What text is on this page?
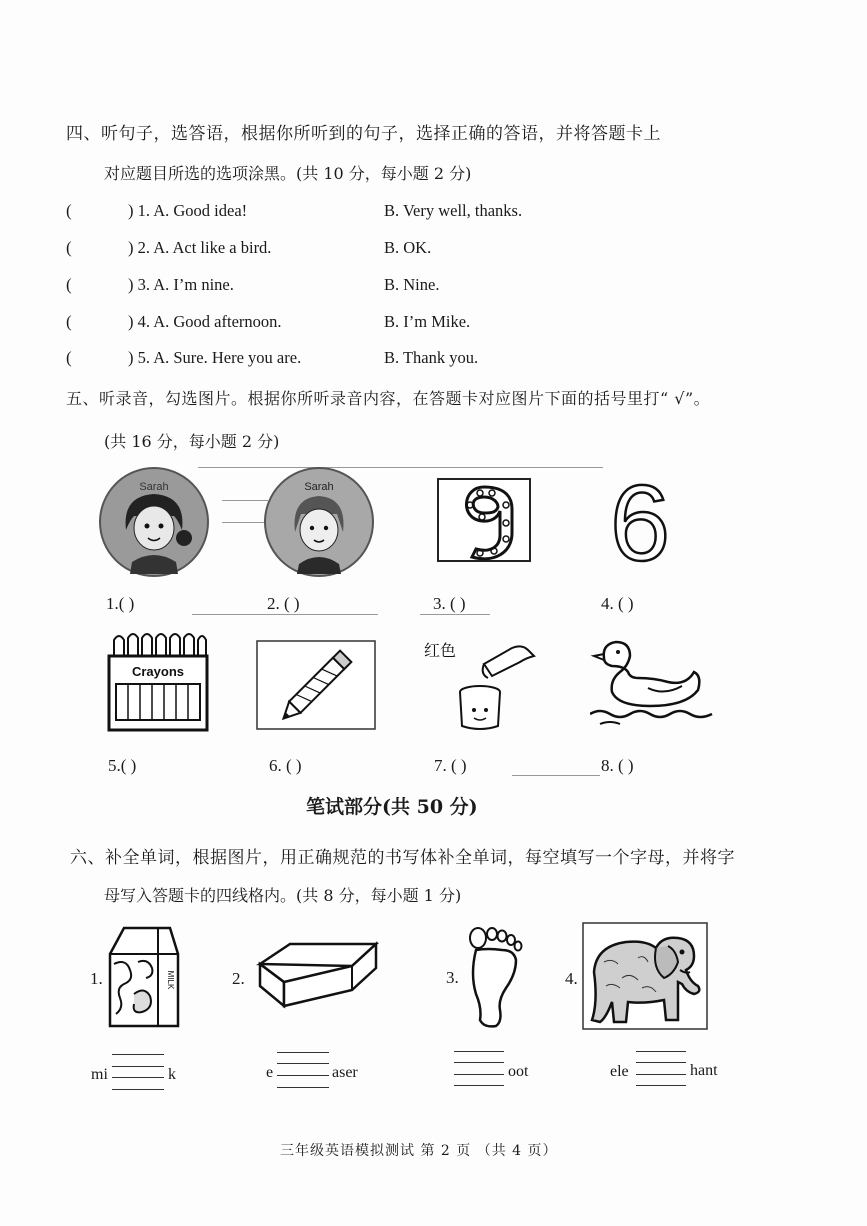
四、听句子，选答语，根据你所听到的句子，选择正确的答语，并将答题卡上
对应题目所选的选项涂黑。(共 10 分，每小题 2 分)
(	) 1. A. Good idea!	B. Very well, thanks.
(	) 2. A. Act like a bird.	B. OK.
(	) 3. A. I’m nine.	B. Nine.
(	) 4. A. Good afternoon.	B. I’m Mike.
(	) 5. A. Sure. Here you are.	B. Thank you.
五、听录音，勾选图片。根据你所听录音内容，在答题卡对应图片下面的括号里打“ √”。
(共 16 分，每小题 2 分)
Sarah	Sarah	6
1.( )	2. ( )	3. ( )	4. ( )
Crayons
红色
5.( )	6. ( )	7. ( )	8. ( )
笔试部分(共 50 分)
六、补全单词，根据图片，用正确规范的书写体补全单词，每空填写一个字母，并将字
母写入答题卡的四线格内。(共 8 分，每小题 1 分)
1.	MILK	2.	3.	4.
mi	k	e	aser	oot	ele	hant
三年级英语模拟测试 第 2 页 （共 4 页）
